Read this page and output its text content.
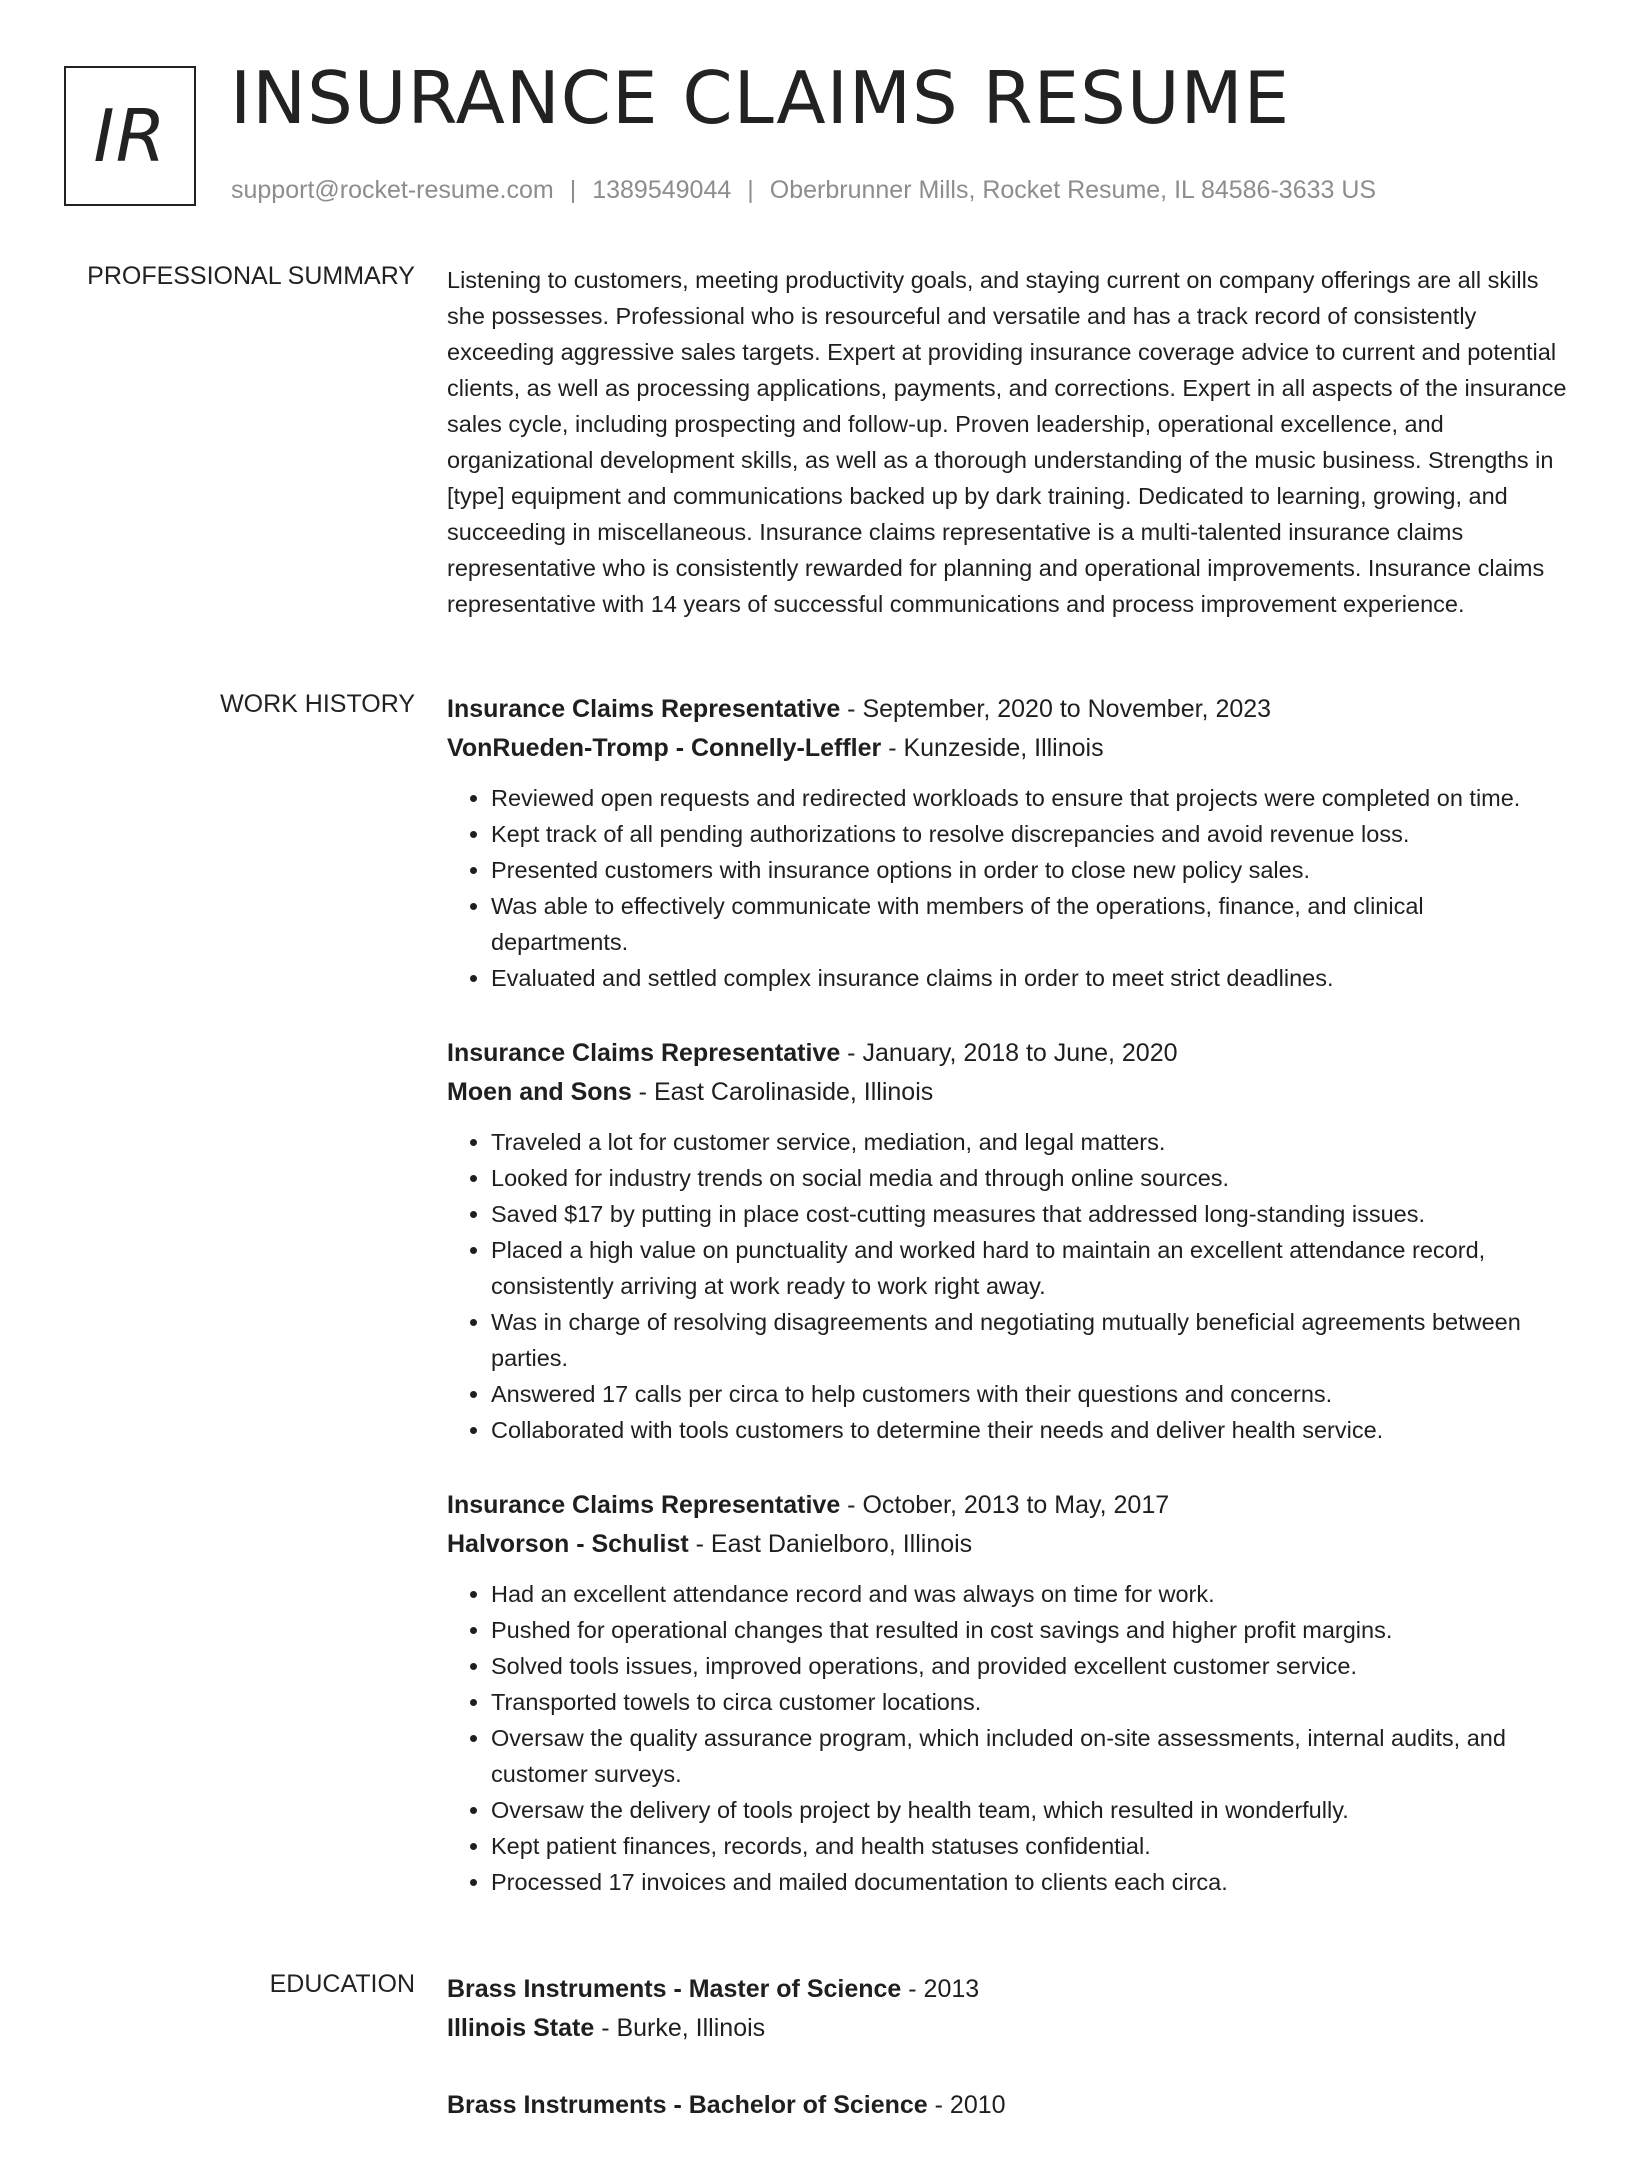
IR INSURANCE CLAIMS RESUME
support@rocket-resume.com | 1389549044 | Oberbrunner Mills, Rocket Resume, IL 84586-3633 US
PROFESSIONAL SUMMARY Listening to customers, meeting productivity goals, and staying current on company offerings are all skills she possesses. Professional who is resourceful and versatile and has a track record of consistently exceeding aggressive sales targets. Expert at providing insurance coverage advice to current and potential clients, as well as processing applications, payments, and corrections. Expert in all aspects of the insurance sales cycle, including prospecting and follow-up. Proven leadership, operational excellence, and organizational development skills, as well as a thorough understanding of the music business. Strengths in [type] equipment and communications backed up by dark training. Dedicated to learning, growing, and succeeding in miscellaneous. Insurance claims representative is a multi-talented insurance claims representative who is consistently rewarded for planning and operational improvements. Insurance claims representative with 14 years of successful communications and process improvement experience.

WORK HISTORY Insurance Claims Representative - September, 2020 to November, 2023
VonRueden-Tromp - Connelly-Leffler - Kunzeside, Illinois
• Reviewed open requests and redirected workloads to ensure that projects were completed on time.
• Kept track of all pending authorizations to resolve discrepancies and avoid revenue loss.
• Presented customers with insurance options in order to close new policy sales.
• Was able to effectively communicate with members of the operations, finance, and clinical departments.
• Evaluated and settled complex insurance claims in order to meet strict deadlines.
Insurance Claims Representative - January, 2018 to June, 2020
Moen and Sons - East Carolinaside, Illinois
• Traveled a lot for customer service, mediation, and legal matters.
• Looked for industry trends on social media and through online sources.
• Saved $17 by putting in place cost-cutting measures that addressed long-standing issues.
• Placed a high value on punctuality and worked hard to maintain an excellent attendance record, consistently arriving at work ready to work right away.
• Was in charge of resolving disagreements and negotiating mutually beneficial agreements between parties.
• Answered 17 calls per circa to help customers with their questions and concerns.
• Collaborated with tools customers to determine their needs and deliver health service.
Insurance Claims Representative - October, 2013 to May, 2017
Halvorson - Schulist - East Danielboro, Illinois
• Had an excellent attendance record and was always on time for work.
• Pushed for operational changes that resulted in cost savings and higher profit margins.
• Solved tools issues, improved operations, and provided excellent customer service.
• Transported towels to circa customer locations.
• Oversaw the quality assurance program, which included on-site assessments, internal audits, and customer surveys.
• Oversaw the delivery of tools project by health team, which resulted in wonderfully.
• Kept patient finances, records, and health statuses confidential.
• Processed 17 invoices and mailed documentation to clients each circa.
EDUCATION Brass Instruments - Master of Science - 2013
Illinois State - Burke, Illinois
Brass Instruments - Bachelor of Science - 2010
